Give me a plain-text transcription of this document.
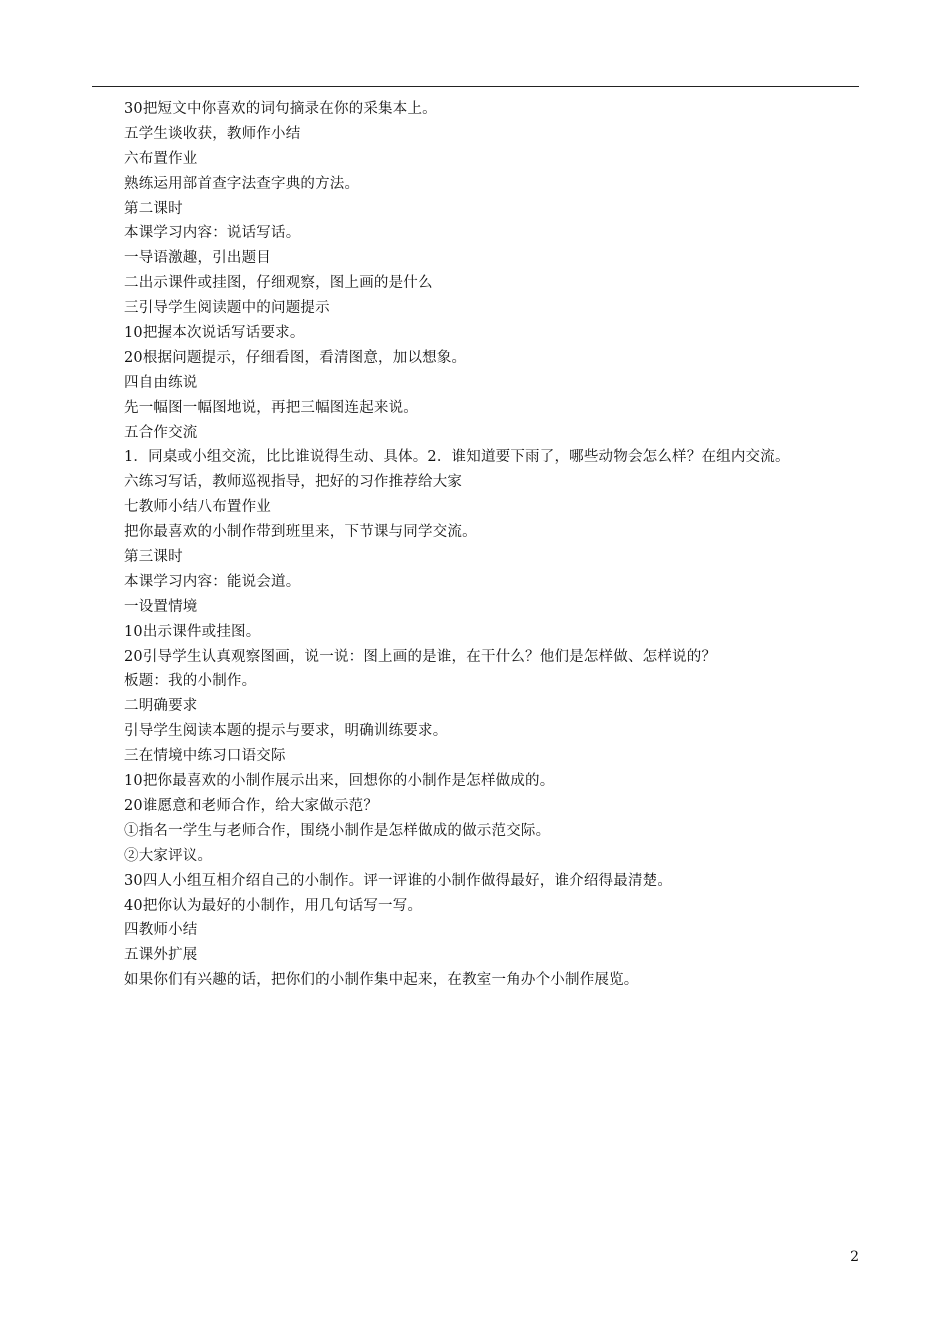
30把短文中你喜欢的词句摘录在你的采集本上。
五学生谈收获，教师作小结
六布置作业
熟练运用部首查字法查字典的方法。
第二课时
本课学习内容：说话写话。
一导语激趣，引出题目
二出示课件或挂图，仔细观察，图上画的是什么
三引导学生阅读题中的问题提示
10把握本次说话写话要求。
20根据问题提示，仔细看图，看清图意，加以想象。
四自由练说
先一幅图一幅图地说，再把三幅图连起来说。
五合作交流
1．同桌或小组交流，比比谁说得生动、具体。2．谁知道要下雨了，哪些动物会怎么样？在组内交流。
六练习写话，教师巡视指导，把好的习作推荐给大家
七教师小结八布置作业
把你最喜欢的小制作带到班里来，下节课与同学交流。
第三课时
本课学习内容：能说会道。
一设置情境
10出示课件或挂图。
20引导学生认真观察图画，说一说：图上画的是谁，在干什么？他们是怎样做、怎样说的？
板题：我的小制作。
二明确要求
引导学生阅读本题的提示与要求，明确训练要求。
三在情境中练习口语交际
10把你最喜欢的小制作展示出来，回想你的小制作是怎样做成的。
20谁愿意和老师合作，给大家做示范？
①指名一学生与老师合作，围绕小制作是怎样做成的做示范交际。
②大家评议。
30四人小组互相介绍自己的小制作。评一评谁的小制作做得最好，谁介绍得最清楚。
40把你认为最好的小制作，用几句话写一写。
四教师小结
五课外扩展
如果你们有兴趣的话，把你们的小制作集中起来，在教室一角办个小制作展览。
2
